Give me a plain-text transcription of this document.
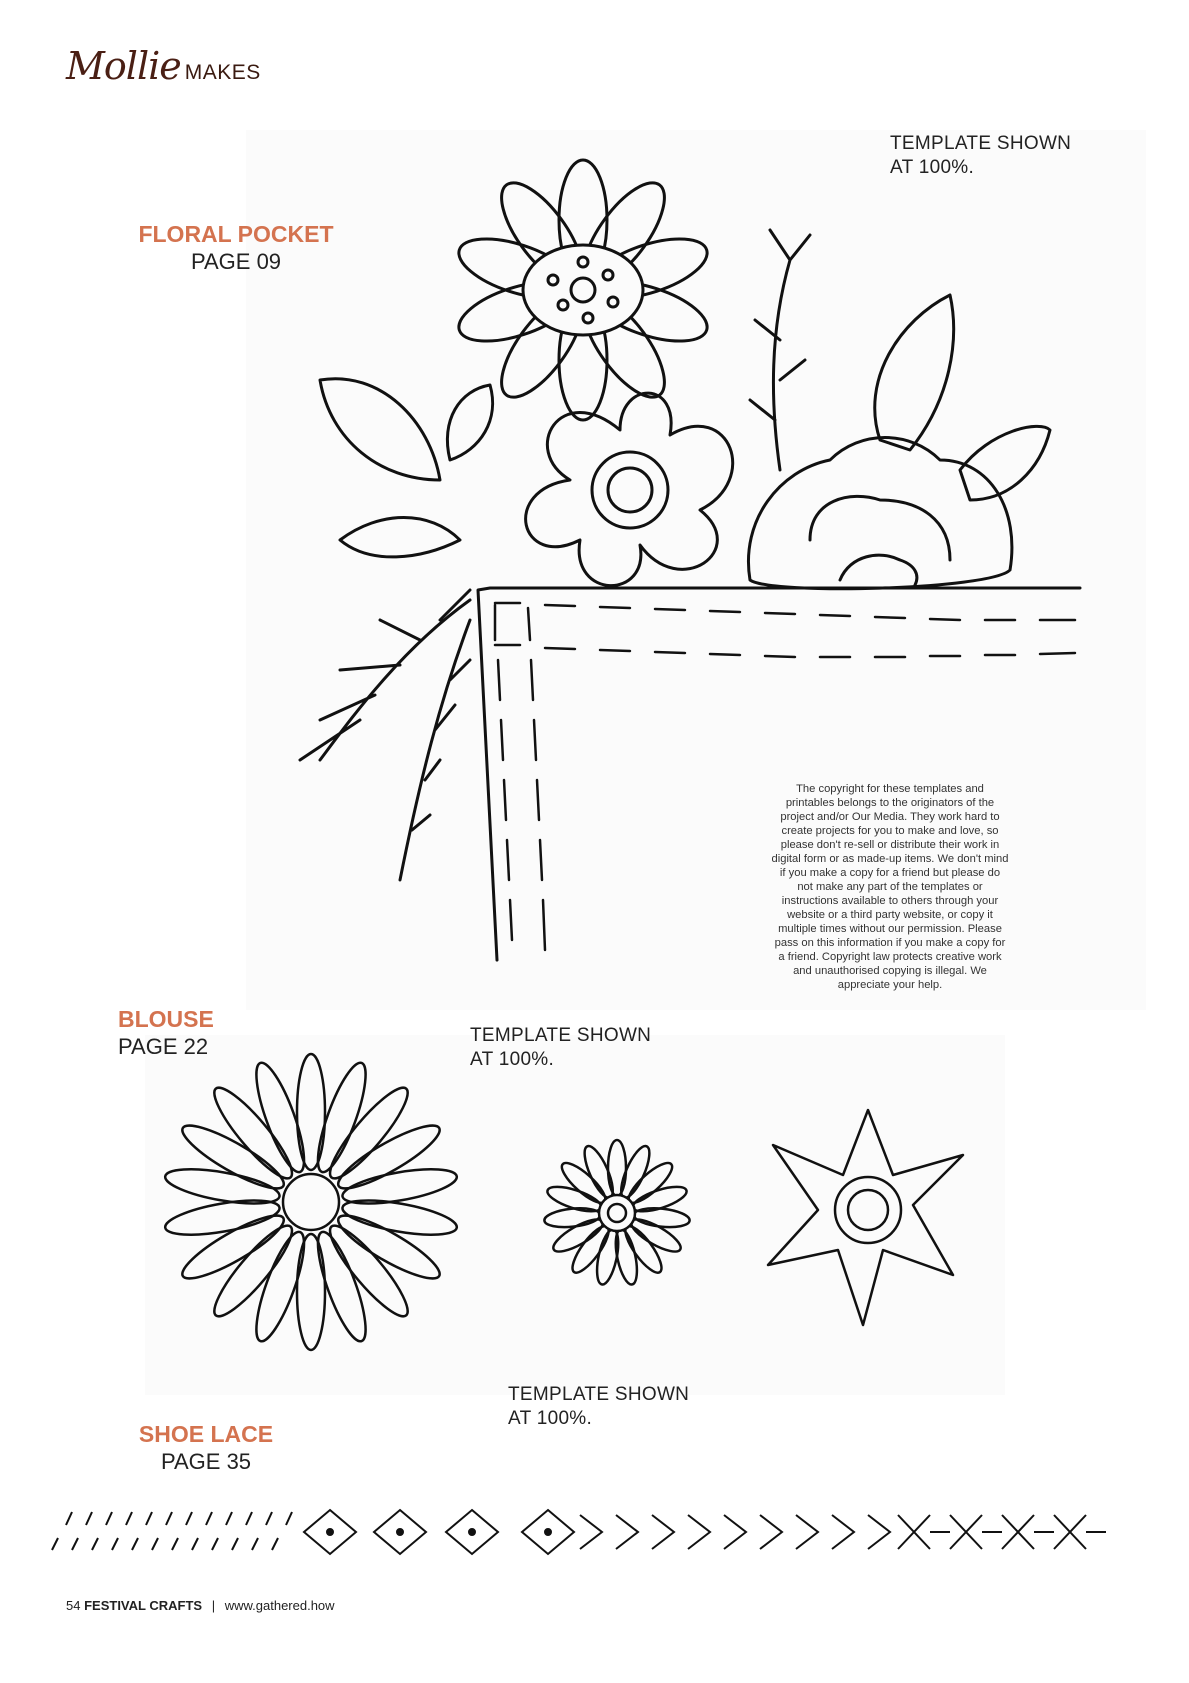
Mollie MAKES
FLORAL POCKET
PAGE 09
TEMPLATE SHOWN AT 100%.
BLOUSE
PAGE 22	TEMPLATE SHOWN AT 100%.
SHOE LACE
PAGE 35
TEMPLATE SHOWN AT 100%.
The copyright for these templates and printables belongs to the originators of the project and/or Our Media. They work hard to create projects for you to make and love, so please don't re-sell or distribute their work in digital form or as made-up items. We don't mind if you make a copy for a friend but please do not make any part of the templates or instructions available to others through your website or a third party website, or copy it multiple times without our permission. Please pass on this information if you make a copy for a friend. Copyright law protects creative work and unauthorised copying is illegal. We appreciate your help.
54 FESTIVAL CRAFTS | www.gathered.how
